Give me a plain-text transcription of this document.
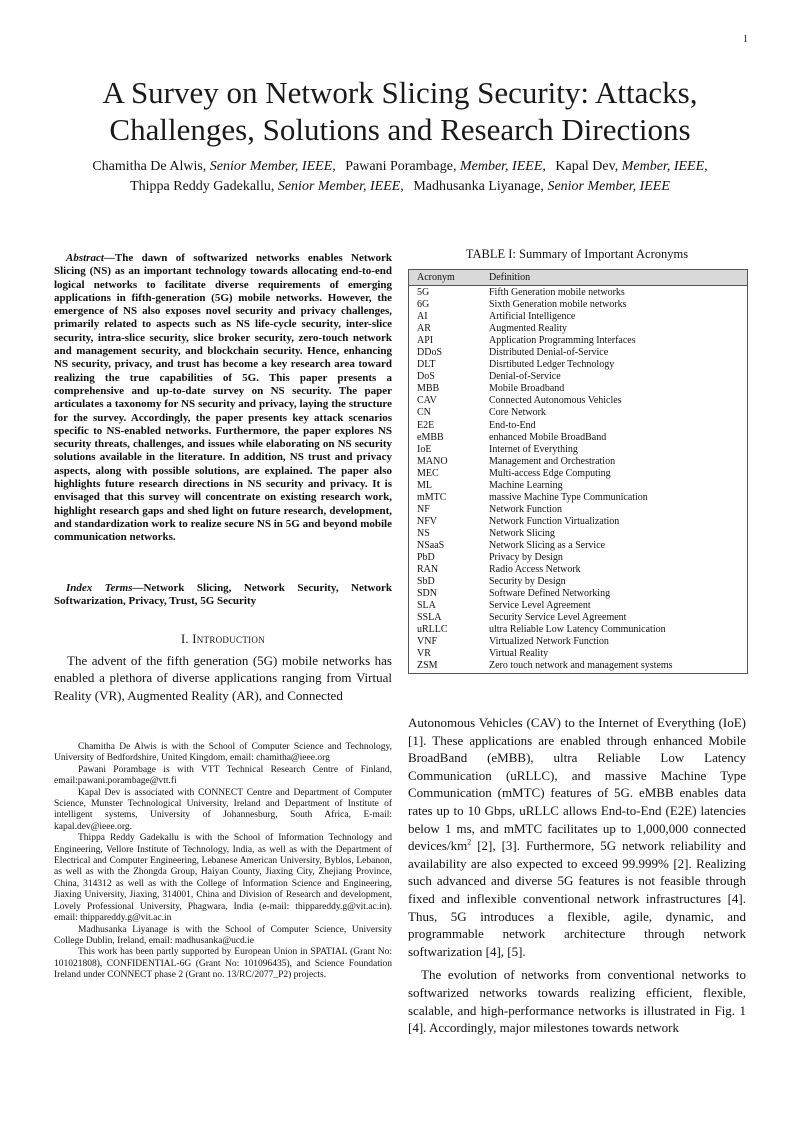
1
A Survey on Network Slicing Security: Attacks, Challenges, Solutions and Research Directions
Chamitha De Alwis, Senior Member, IEEE, Pawani Porambage, Member, IEEE, Kapal Dev, Member, IEEE,
Thippa Reddy Gadekallu, Senior Member, IEEE, Madhusanka Liyanage, Senior Member, IEEE

Abstract—The dawn of softwarized networks enables Network Slicing (NS) as an important technology towards allocating end-to-end logical networks to facilitate diverse requirements of emerging applications in fifth-generation (5G) mobile networks. However, the emergence of NS also exposes novel security and privacy challenges, primarily related to aspects such as NS life-cycle security, inter-slice security, intra-slice security, slice broker security, zero-touch network and management security, and blockchain security. Hence, enhancing NS security, privacy, and trust has become a key research area toward realizing the true capabilities of 5G. This paper presents a comprehensive and up-to-date survey on NS security. The paper articulates a taxonomy for NS security and privacy, laying the structure for the survey. Accordingly, the paper presents key attack scenarios specific to NS-enabled networks. Furthermore, the paper explores NS security threats, challenges, and issues while elaborating on NS security solutions available in the literature. In addition, NS trust and privacy aspects, along with possible solutions, are explained. The paper also highlights future research directions in NS security and privacy. It is envisaged that this survey will concentrate on existing research work, highlight research gaps and shed light on future research, development, and standardization work to realize secure NS in 5G and beyond mobile communication networks.

Index Terms—Network Slicing, Network Security, Network Softwarization, Privacy, Trust, 5G Security

I. Introduction

The advent of the fifth generation (5G) mobile networks has enabled a plethora of diverse applications ranging from Virtual Reality (VR), Augmented Reality (AR), and Connected

Chamitha De Alwis is with the School of Computer Science and Technology, University of Bedfordshire, United Kingdom, email: chamitha@ieee.org

Pawani Porambage is with VTT Technical Research Centre of Finland, email:pawani.porambage@vtt.fi

Kapal Dev is associated with CONNECT Centre and Department of Computer Science, Munster Technological University, Ireland and Department of Institute of intelligent systems, University of Johannesburg, South Africa, E-mail: kapal.dev@ieee.org.

Thippa Reddy Gadekallu is with the School of Information Technology and Engineering, Vellore Institute of Technology, India, as well as with the Department of Electrical and Computer Engineering, Lebanese American University, Byblos, Lebanon, as well as with the Zhongda Group, Haiyan County, Jiaxing City, Zhejiang Province, China, 314312 as well as with the College of Information Science and Engineering, Jiaxing University, Jiaxing, 314001, China and Division of Research and development, Lovely Professional University, Phagwara, India (e-mail: thippareddy.g@vit.ac.in). email: thippareddy.g@vit.ac.in

Madhusanka Liyanage is with the School of Computer Science, University College Dublin, Ireland, email: madhusanka@ucd.ie

This work has been partly supported by European Union in SPATIAL (Grant No: 101021808), CONFIDENTIAL-6G (Grant No: 101096435), and Science Foundation Ireland under CONNECT phase 2 (Grant no. 13/RC/2077_P2) projects.

TABLE I: Summary of Important Acronyms

Acronym	Definition
5G	Fifth Generation mobile networks
6G	Sixth Generation mobile networks
AI	Artificial Intelligence
AR	Augmented Reality
API	Application Programming Interfaces
DDoS	Distributed Denial-of-Service
DLT	Disrtibuted Ledger Technology
DoS	Denial-of-Service
MBB	Mobile Broadband
CAV	Connected Autonomous Vehicles
CN	Core Network
E2E	End-to-End
eMBB	enhanced Mobile BroadBand
IoE	Internet of Everything
MANO	Management and Orchestration
MEC	Multi-access Edge Computing
ML	Machine Learning
mMTC	massive Machine Type Communication
NF	Network Function
NFV	Network Function Virtualization
NS	Network Slicing
NSaaS	Network Slicing as a Service
PbD	Privacy by Design
RAN	Radio Access Network
SbD	Security by Design
SDN	Software Defined Networking
SLA	Service Level Agreement
SSLA	Security Service Level Agreement
uRLLC	ultra Reliable Low Latency Communication
VNF	Virtualized Network Function
VR	Virtual Reality
ZSM	Zero touch network and management systems

Autonomous Vehicles (CAV) to the Internet of Everything (IoE) [1]. These applications are enabled through enhanced Mobile BroadBand (eMBB), ultra Reliable Low Latency Communication (uRLLC), and massive Machine Type Communication (mMTC) features of 5G. eMBB enables data rates up to 10 Gbps, uRLLC allows End-to-End (E2E) latencies below 1 ms, and mMTC facilitates up to 1,000,000 connected devices/$km^2$ [2], [3]. Furthermore, 5G network reliability and availability are also expected to exceed 99.999% [2]. Realizing such advanced and diverse 5G features is not feasible through fixed and inflexible conventional network infrastructures [4]. Thus, 5G introduces a flexible, agile, dynamic, and programmable network architecture through network softwarization [4], [5].

The evolution of networks from conventional networks to softwarized networks towards realizing efficient, flexible, scalable, and high-performance networks is illustrated in Fig. 1 [4]. Accordingly, major milestones towards network
